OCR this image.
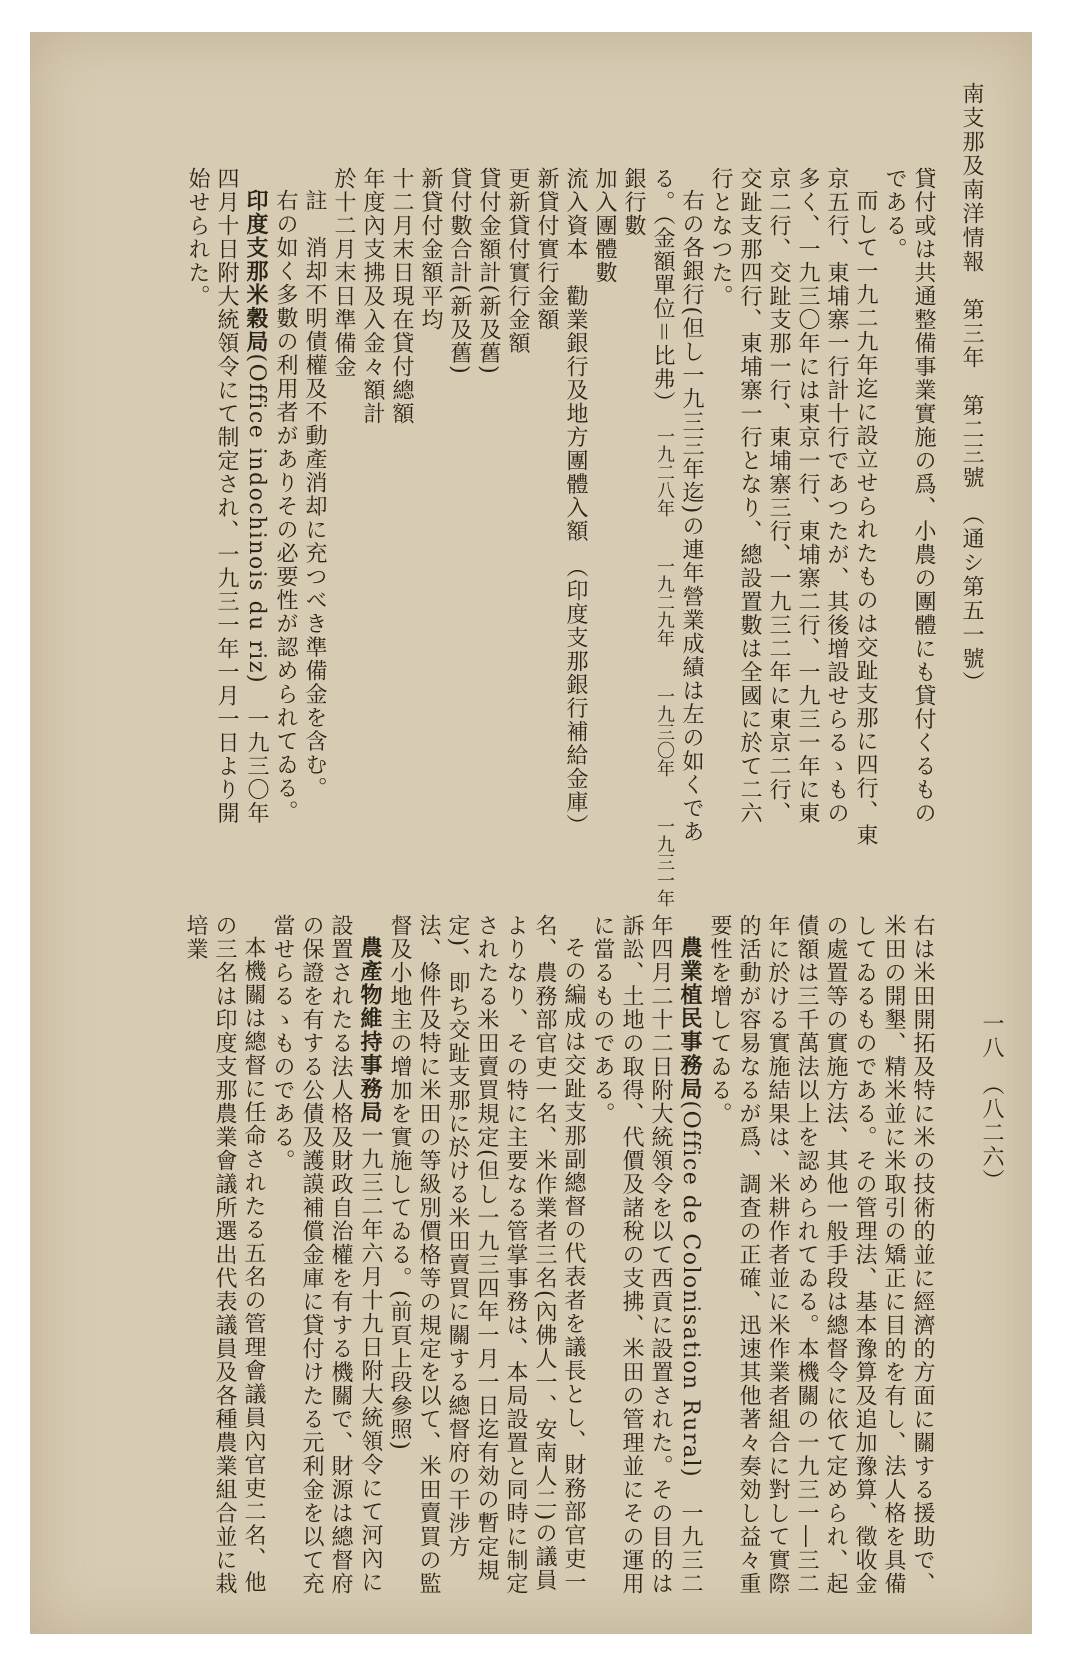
南支那及南洋情報　第三年　第二三號　（通シ第五一號）
一八　（八二六）

貸付或は共通整備事業實施の爲、小農の團體にも貸付くるものである。

而して一九二九年迄に設立せられたものは交趾支那に四行、東京五行、東埔寨一行計十行であつたが、其後增設せらるゝもの多く、一九三〇年には東京一行、東埔寨二行、一九三一年に東京二行、交趾支那一行、東埔寨三行、一九三二年に東京二行、交趾支那四行、東埔寨一行となり、總設置數は全國に於て二六行となつた。

右の各銀行(但し一九三三年迄)の連年營業成績は左の如くである。（金額單位＝比弗）

銀行數

加入團體數

流入資本　勸業銀行及地方團體入額　（印度支那銀行補給金庫）

新貸付實行金額

更新貸付實行金額

貸付金額計(新及舊)

貸付數合計(新及舊)

新貸付金額平均

十二月末日現在貸付總額

年度內支拂及入金々額計

於十二月末日準備金

註　消却不明債權及不動產消却に充つべき準備金を含む。

右の如く多數の利用者がありその必要性が認められてゐる。

印度支那米穀局(Office indochinois du riz)　一九三〇年四月十日附大統領令にて制定され、一九三一年一月一日より開始せられた。

一九二八年
一九二九年
一九三〇年
一九三一年

右は米田開拓及特に米の技術的並に經濟的方面に關する援助で、米田の開墾、精米並に米取引の矯正に目的を有し、法人格を具備してゐるものである。その管理法、基本豫算及追加豫算、徵收金の處置等の實施方法、其他一般手段は總督令に依て定められ、起債額は三千萬法以上を認められてゐる。本機關の一九三一―三二年に於ける實施結果は、米耕作者並に米作業者組合に對して實際的活動が容易なるが爲、調査の正確、迅速其他著々奏効し益々重要性を增してゐる。

農業植民事務局(Office de Colonisation Rural)　一九三二年四月二十二日附大統領令を以て西貢に設置された。その目的は訴訟、土地の取得、代價及諸稅の支拂、米田の管理並にその運用に當るものである。

その編成は交趾支那副總督の代表者を議長とし、財務部官吏一名、農務部官吏一名、米作業者三名(內佛人一、安南人二)の議員よりなり、その特に主要なる管掌事務は、本局設置と同時に制定されたる米田賣買規定(但し一九三四年一月一日迄有効の暫定規定)、即ち交趾支那に於ける米田賣買に關する總督府の干涉方法、條件及特に米田の等級別價格等の規定を以て、米田賣買の監督及小地主の增加を實施してゐる。(前頁上段參照)

農產物維持事務局一九三二年六月十九日附大統領令にて河內に設置されたる法人格及財政自治權を有する機關で、財源は總督府の保證を有する公債及護謨補償金庫に貸付けたる元利金を以て充當せらるゝものである。

本機關は總督に任命されたる五名の管理會議員內官吏二名、他の三名は印度支那農業會議所選出代表議員及各種農業組合並に栽培業
